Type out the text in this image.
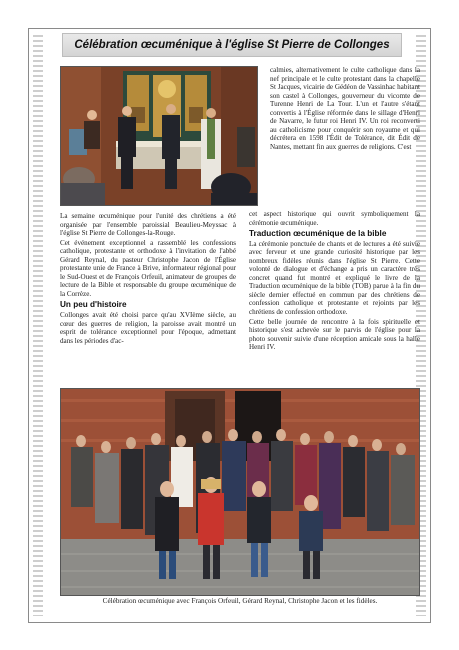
Célébration œcuménique à l'église St Pierre de Collonges

La semaine œcuménique pour l'unité des chrétiens a été organisée par l'ensemble paroissial Beaulieu-Meyssac à l'église St Pierre de Collonges-la-Rouge.

Cet événement exceptionnel a rassemblé les confessions catholique, protestante et orthodoxe à l'invitation de l'abbé Gérard Reynal, du pasteur Christophe Jacon de l'Église protestante unie de France à Brive, informateur régional pour le Sud-Ouest et de François Orfeuil, animateur de groupes de lecture de la Bible et responsable du groupe œcuménique de la Corrèze.

Un peu d'histoire

Collonges avait été choisi parce qu'au XVIème siècle, au cœur des guerres de religion, la paroisse avait montré un esprit de tolérance exceptionnel pour l'époque, admettant dans les périodes d'ac-

calmies, alternativement le culte catholique dans la nef principale et le culte protestant dans la chapelle St Jacques, vicairie de Gédéon de Vassinhac habitant son castel à Collonges, gouverneur du vicomte de Turenne Henri de La Tour. L'un et l'autre s'étant convertis à l'Église réformée dans le sillage d'Henri de Navarre, le futur roi Henri IV. Un roi reconverti au catholicisme pour conquérir son royaume et qui décrétera en 1598 l'Édit de Tolérance, dit Édit de Nantes, mettant fin aux guerres de religions. C'est

cet aspect historique qui ouvrit symboliquement la cérémonie œcuménique.

Traduction œcuménique de la bible

La cérémonie ponctuée de chants et de lectures a été suivie avec ferveur et une grande curiosité historique par les nombreux fidèles réunis dans l'église St Pierre. Cette volonté de dialogue et d'échange a pris un caractère très concret quand fut montré et expliqué le livre de la Traduction œcuménique de la bible (TOB) parue à la fin du siècle dernier effectué en commun par des chrétiens de confession catholique et protestante et rejoints par les chrétiens de confession orthodoxe.

Cette belle journée de rencontre à la fois spirituelle et historique s'est achevée sur le parvis de l'église pour la photo souvenir suivie d'une réception amicale sous la halle Henri IV.

Célébration œcuménique avec François Orfeuil, Gérard Reynal, Christophe Jacon et les fidèles.
